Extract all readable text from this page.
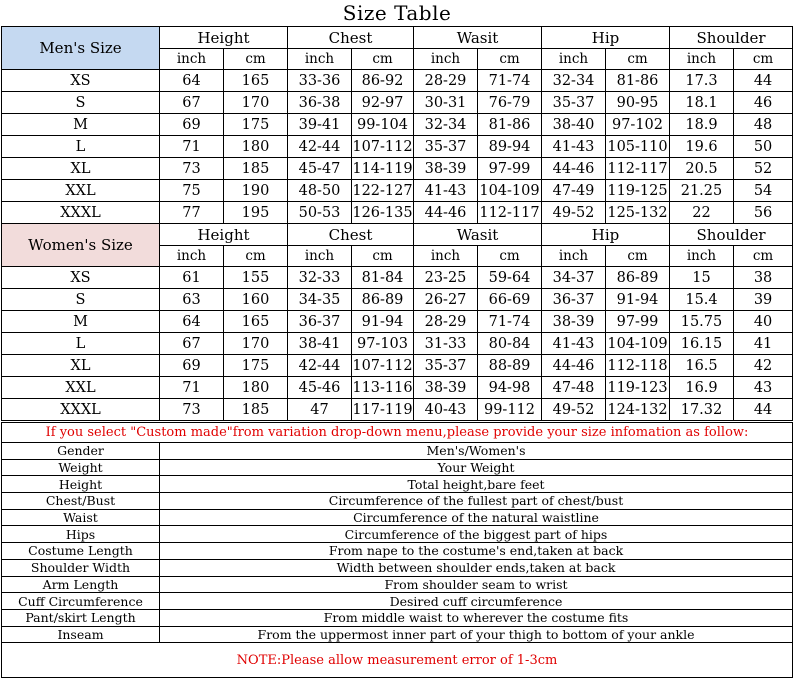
Size Table										
Men's Size	Height		Chest		Wasit		Hip		Shoulder	
	inch	cm	inch	cm	inch	cm	inch	cm	inch	cm
XS	64	165	33-36	86-92	28-29	71-74	32-34	81-86	17.3	44
S	67	170	36-38	92-97	30-31	76-79	35-37	90-95	18.1	46
M	69	175	39-41	99-104	32-34	81-86	38-40	97-102	18.9	48
L	71	180	42-44	107-112	35-37	89-94	41-43	105-110	19.6	50
XL	73	185	45-47	114-119	38-39	97-99	44-46	112-117	20.5	52
XXL	75	190	48-50	122-127	41-43	104-109	47-49	119-125	21.25	54
XXXL	77	195	50-53	126-135	44-46	112-117	49-52	125-132	22	56
Women's Size	Height		Chest		Wasit		Hip		Shoulder	
	inch	cm	inch	cm	inch	cm	inch	cm	inch	cm
XS	61	155	32-33	81-84	23-25	59-64	34-37	86-89	15	38
S	63	160	34-35	86-89	26-27	66-69	36-37	91-94	15.4	39
M	64	165	36-37	91-94	28-29	71-74	38-39	97-99	15.75	40
L	67	170	38-41	97-103	31-33	80-84	41-43	104-109	16.15	41
XL	69	175	42-44	107-112	35-37	88-89	44-46	112-118	16.5	42
XXL	71	180	45-46	113-116	38-39	94-98	47-48	119-123	16.9	43
XXXL	73	185	47	117-119	40-43	99-112	49-52	124-132	17.32	44
If you select "Custom made"from variation drop-down menu,please provide your size infomation as follow:	
Gender	Men's/Women's
Weight	Your Weight
Height	Total height,bare feet
Chest/Bust	Circumference of the fullest part of chest/bust
Waist	Circumference of the natural waistline
Hips	Circumference of the biggest part of hips
Costume Length	From nape to the costume's end,taken at back
Shoulder Width	Width between shoulder ends,taken at back
Arm Length	From shoulder seam to wrist
Cuff Circumference	Desired cuff circumference
Pant/skirt Length	From middle waist to wherever the costume fits
Inseam	From the uppermost inner part of your thigh to bottom of your ankle
NOTE:Please allow measurement error of 1-3cm	
